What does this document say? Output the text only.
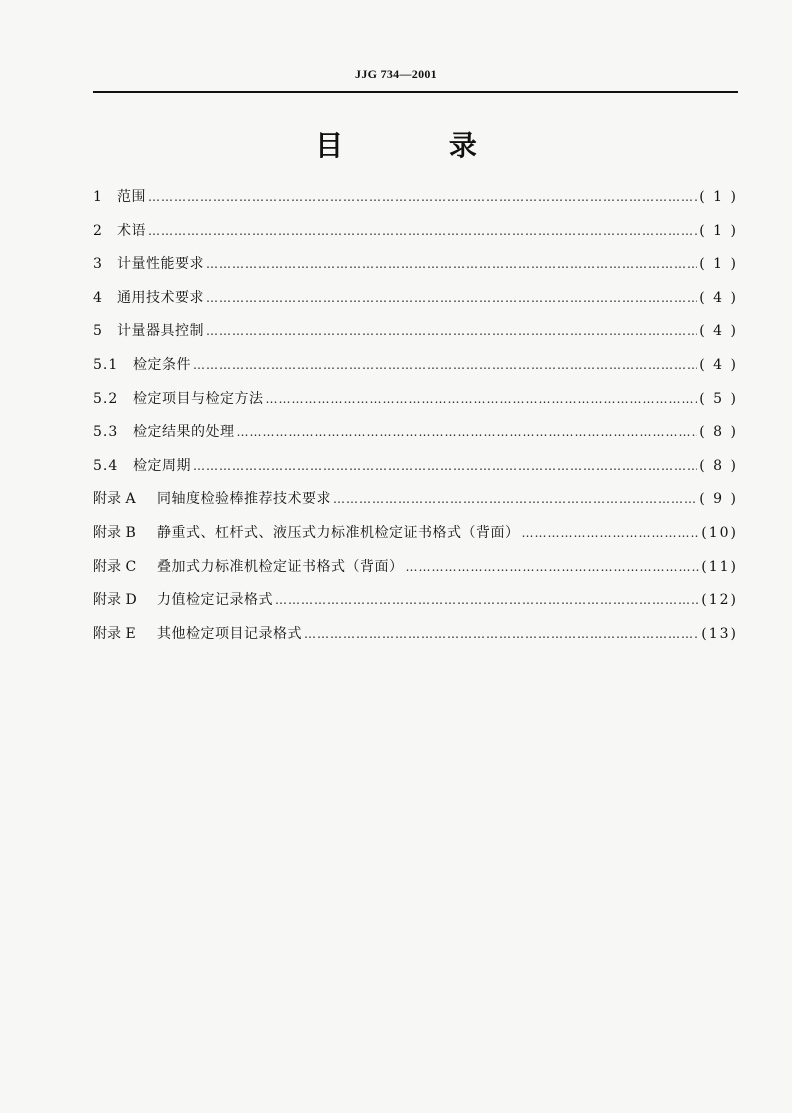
JJG 734—2001
目 录
1	范围 ……………………………………………………………………………………………………………………………………………………………………………………………………	( 1 )
2	术语 ……………………………………………………………………………………………………………………………………………………………………………………………………	( 1 )
3	计量性能要求 ……………………………………………………………………………………………………………………………………………………………………………………………………	( 1 )
4	通用技术要求 ……………………………………………………………………………………………………………………………………………………………………………………………………	( 4 )
5	计量器具控制 ……………………………………………………………………………………………………………………………………………………………………………………………………	( 4 )
5.1	检定条件 ……………………………………………………………………………………………………………………………………………………………………………………………………	( 4 )
5.2	检定项目与检定方法 ……………………………………………………………………………………………………………………………………………………………………………………………………	( 5 )
5.3	检定结果的处理 ……………………………………………………………………………………………………………………………………………………………………………………………………	( 8 )
5.4	检定周期 ……………………………………………………………………………………………………………………………………………………………………………………………………	( 8 )
附录 A	同轴度检验棒推荐技术要求 ……………………………………………………………………………………………………………………………………………………………………………………………………	( 9 )
附录 B	静重式、杠杆式、液压式力标准机检定证书格式（背面） ……………………………………………………………………………………………………………………………………………………………………………………………………	(10)
附录 C	叠加式力标准机检定证书格式（背面） ……………………………………………………………………………………………………………………………………………………………………………………………………	(11)
附录 D	力值检定记录格式 ……………………………………………………………………………………………………………………………………………………………………………………………………	(12)
附录 E	其他检定项目记录格式 ……………………………………………………………………………………………………………………………………………………………………………………………………	(13)
